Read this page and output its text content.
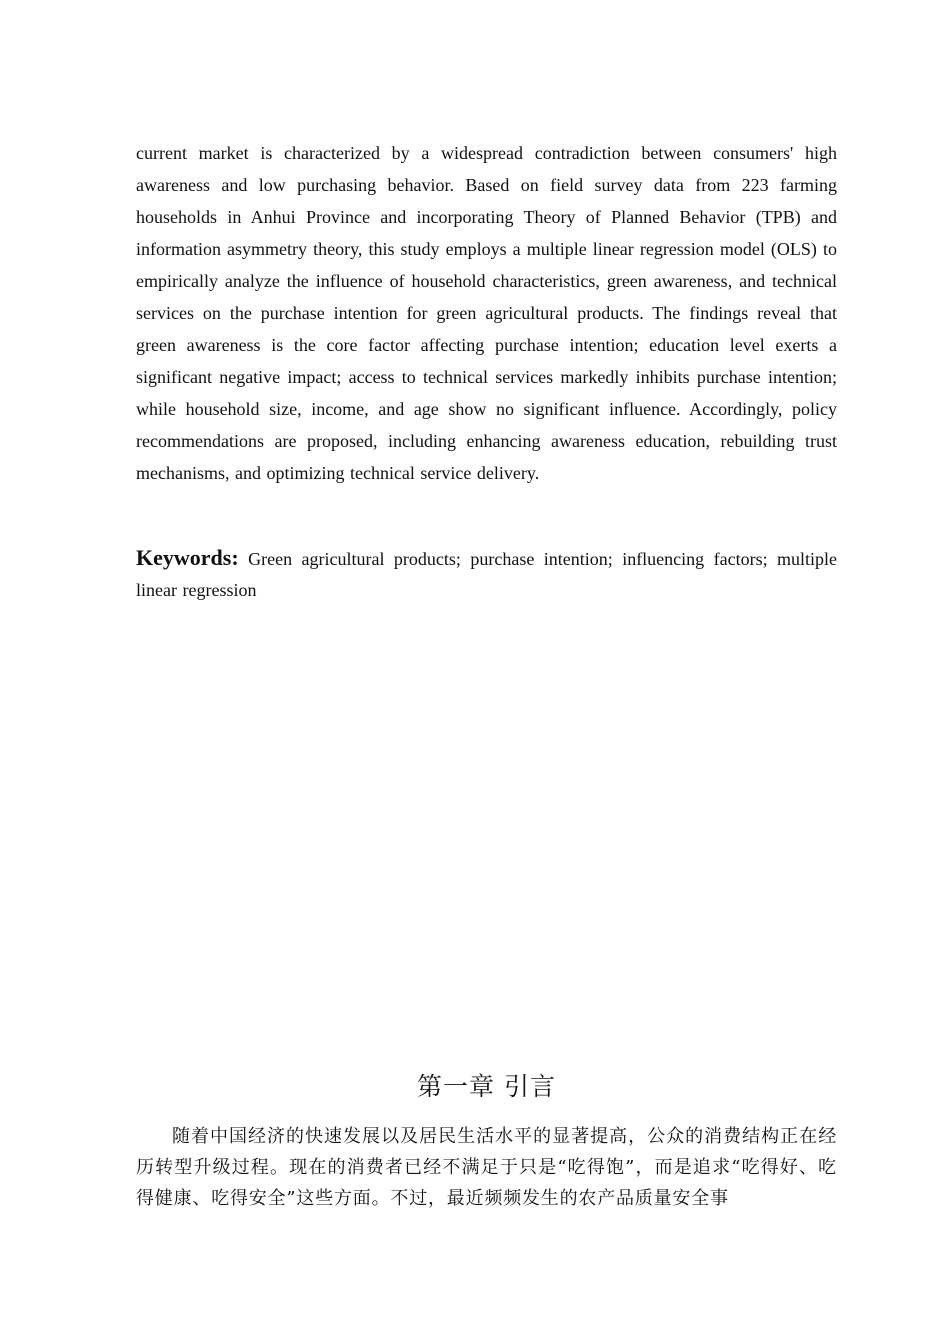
current market is characterized by a widespread contradiction between consumers' high awareness and low purchasing behavior. Based on field survey data from 223 farming households in Anhui Province and incorporating Theory of Planned Behavior (TPB) and information asymmetry theory, this study employs a multiple linear regression model (OLS) to empirically analyze the influence of household characteristics, green awareness, and technical services on the purchase intention for green agricultural products. The findings reveal that green awareness is the core factor affecting purchase intention; education level exerts a significant negative impact; access to technical services markedly inhibits purchase intention; while household size, income, and age show no significant influence. Accordingly, policy recommendations are proposed, including enhancing awareness education, rebuilding trust mechanisms, and optimizing technical service delivery.

Keywords: Green agricultural products; purchase intention; influencing factors; multiple linear regression

第一章 引言

随着中国经济的快速发展以及居民生活水平的显著提高，公众的消费结构正在经历转型升级过程。现在的消费者已经不满足于只是“吃得饱”，而是追求“吃得好、吃得健康、吃得安全”这些方面。不过，最近频频发生的农产品质量安全事
